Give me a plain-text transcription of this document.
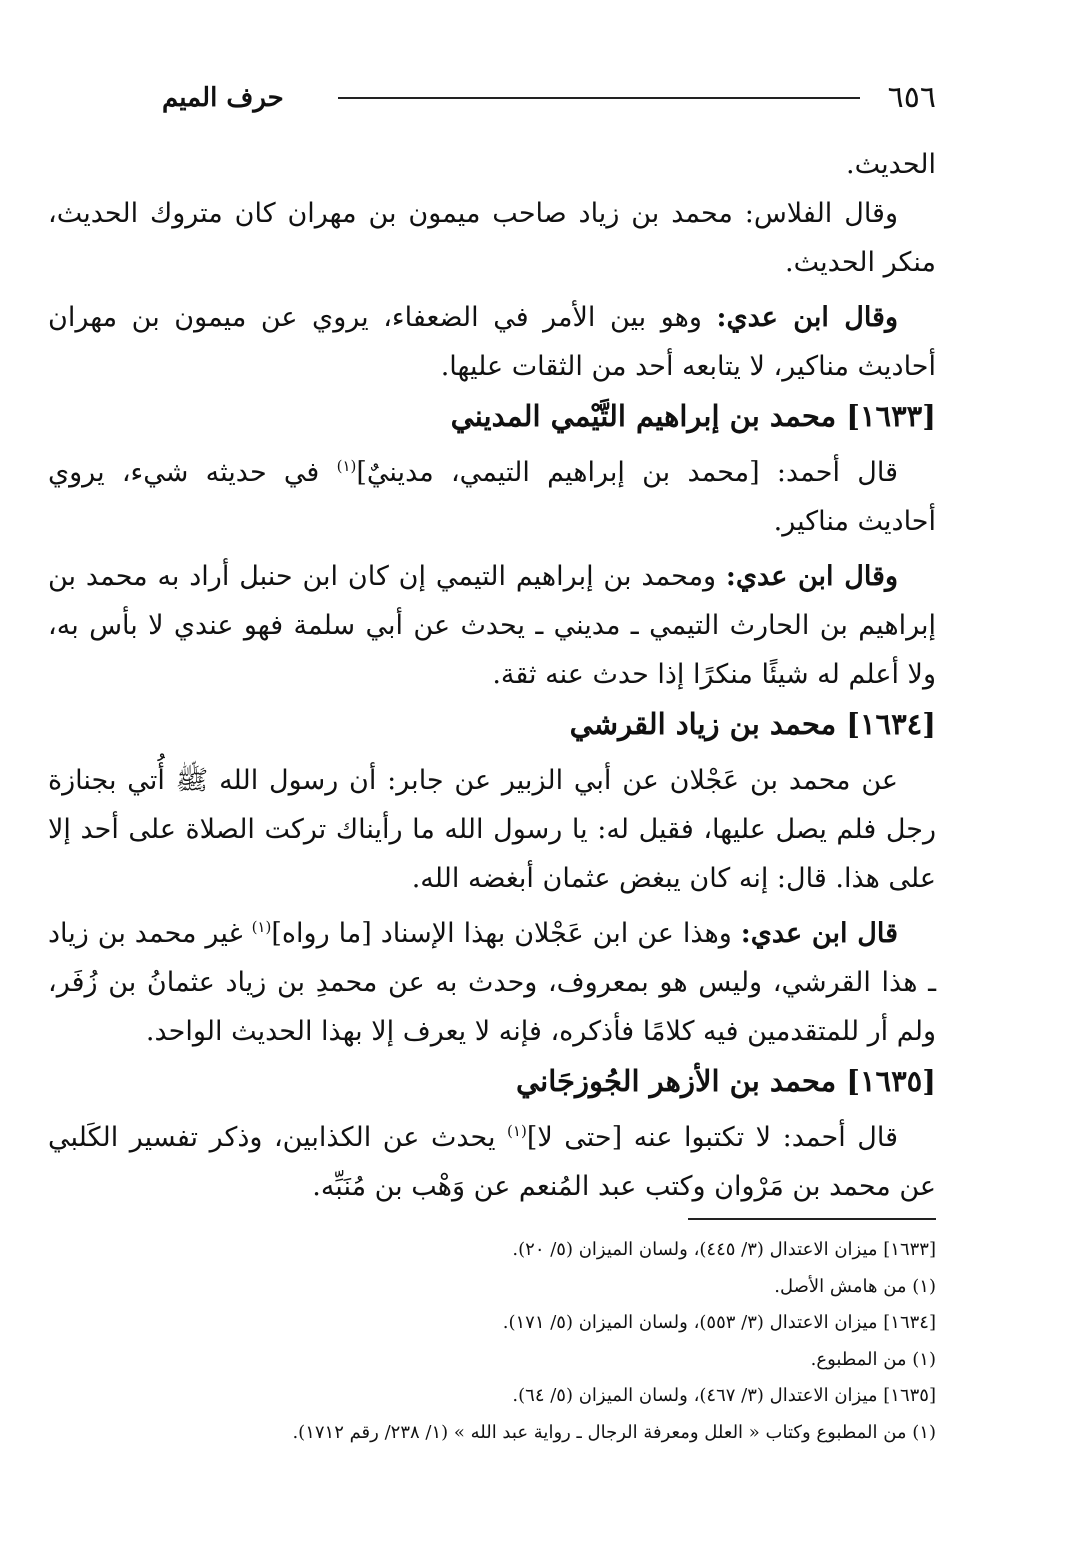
٦٥٦
حرف الميم

الحديث.

وقال الفلاس: محمد بن زياد صاحب ميمون بن مهران كان متروك الحديث، منكر الحديث.

وقال ابن عدي: وهو بين الأمر في الضعفاء، يروي عن ميمون بن مهران أحاديث مناكير، لا يتابعه أحد من الثقات عليها.

[١٦٣٣] محمد بن إبراهيم التَّيْمي المديني

قال أحمد: [محمد بن إبراهيم التيمي، مدينيٌ]$^{(١)}$ في حديثه شيء، يروي أحاديث مناكير.

وقال ابن عدي: ومحمد بن إبراهيم التيمي إن كان ابن حنبل أراد به محمد بن إبراهيم بن الحارث التيمي ـ مديني ـ يحدث عن أبي سلمة فهو عندي لا بأس به، ولا أعلم له شيئًا منكرًا إذا حدث عنه ثقة.

[١٦٣٤] محمد بن زياد القرشي

عن محمد بن عَجْلان عن أبي الزبير عن جابر: أن رسول الله ﷺ أُتي بجنازة رجل فلم يصل عليها، فقيل له: يا رسول الله ما رأيناك تركت الصلاة على أحد إلا على هذا. قال: إنه كان يبغض عثمان أبغضه الله.

قال ابن عدي: وهذا عن ابن عَجْلان بهذا الإسناد [ما رواه]$^{(١)}$ غير محمد بن زياد ـ هذا القرشي، وليس هو بمعروف، وحدث به عن محمدِ بن زياد عثمانُ بن زُفَر، ولم أر للمتقدمين فيه كلامًا فأذكره، فإنه لا يعرف إلا بهذا الحديث الواحد.

[١٦٣٥] محمد بن الأزهر الجُوزجَاني

قال أحمد: لا تكتبوا عنه [حتى لا]$^{(١)}$ يحدث عن الكذابين، وذكر تفسير الكَلبي عن محمد بن مَرْوان وكتب عبد المُنعم عن وَهْب بن مُنَبِّه.

[١٦٣٣] ميزان الاعتدال (٣/ ٤٤٥)، ولسان الميزان (٥/ ٢٠).

(١) من هامش الأصل.

[١٦٣٤] ميزان الاعتدال (٣/ ٥٥٣)، ولسان الميزان (٥/ ١٧١).

(١) من المطبوع.

[١٦٣٥] ميزان الاعتدال (٣/ ٤٦٧)، ولسان الميزان (٥/ ٦٤).

(١) من المطبوع وكتاب « العلل ومعرفة الرجال ـ رواية عبد الله » (١/ ٢٣٨/ رقم ١٧١٢).
